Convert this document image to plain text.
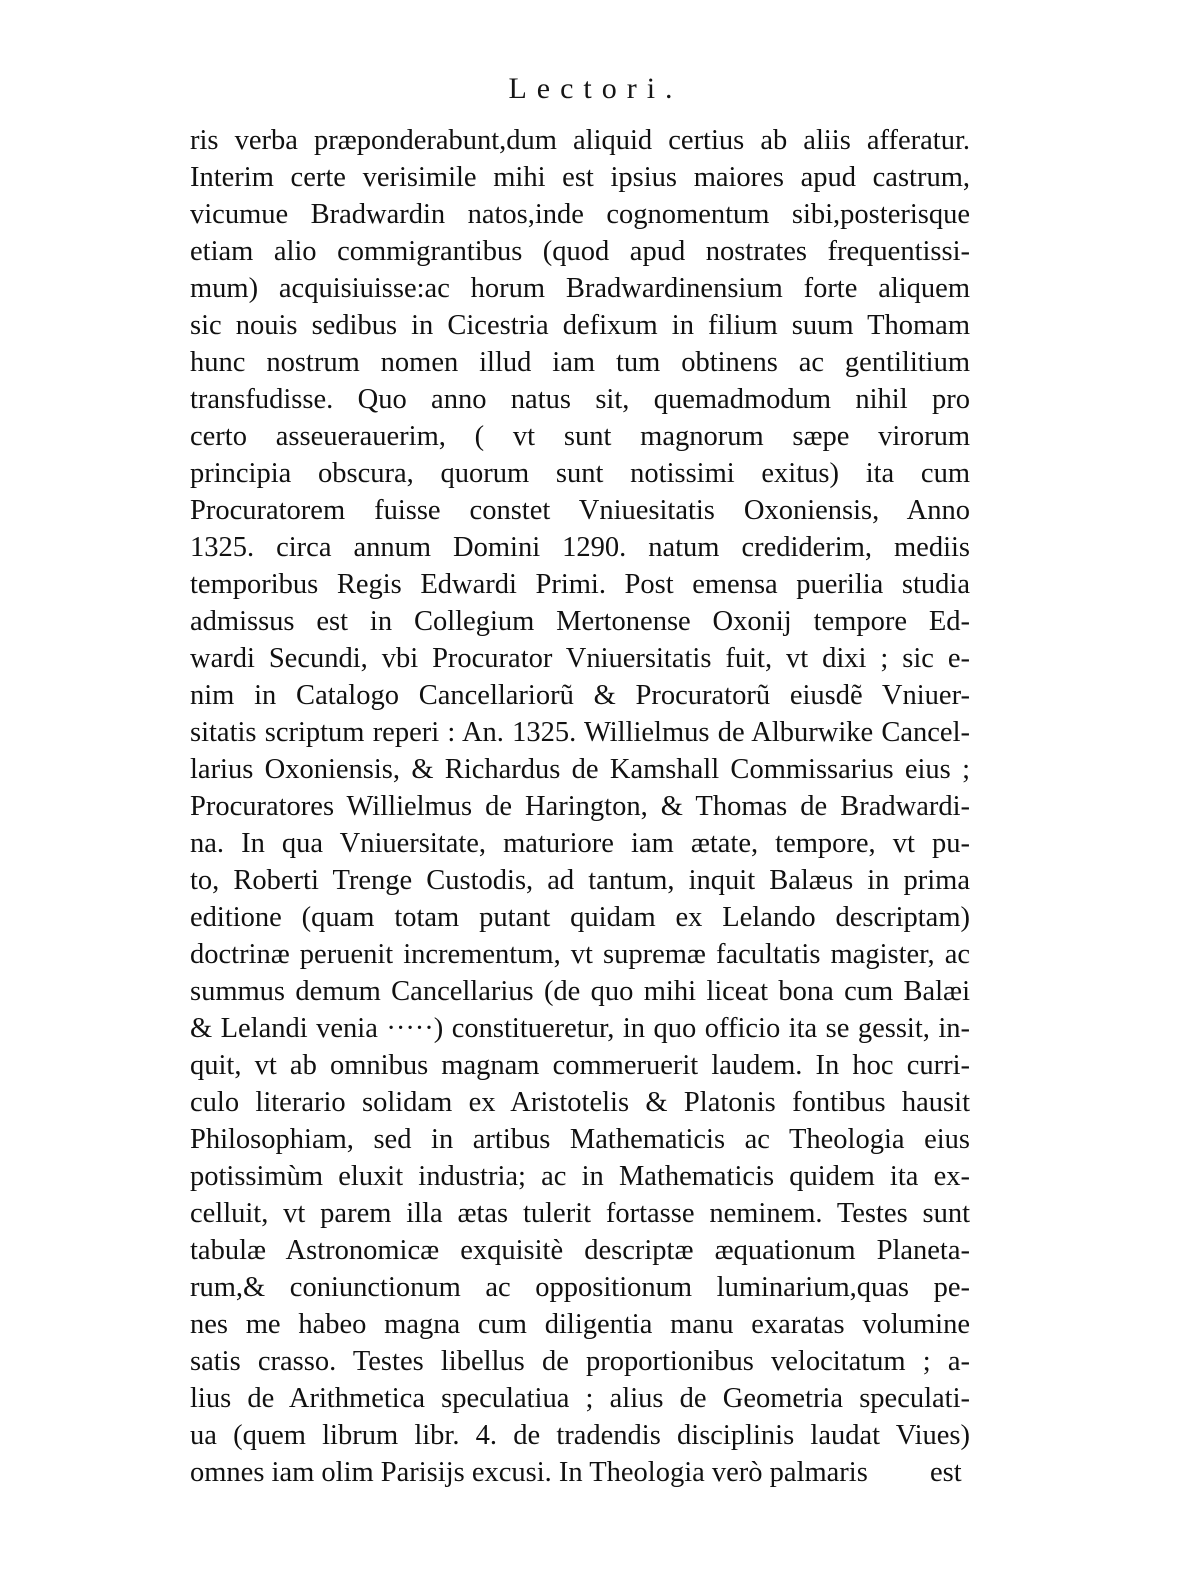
Lectori.
ris verba præponderabunt,dum aliquid certius ab aliis afferatur.
Interim certe verisimile mihi est ipsius maiores apud castrum,
vicumue Bradwardin natos,inde cognomentum sibi,posterisque
etiam alio commigrantibus (quod apud nostrates frequentissi-
mum) acquisiuisse:ac horum Bradwardinensium forte aliquem
sic nouis sedibus in Cicestria defixum in filium suum Thomam
hunc nostrum nomen illud iam tum obtinens ac gentilitium
transfudisse. Quo anno natus sit, quemadmodum nihil pro
certo asseuerauerim, ( vt sunt magnorum sæpe virorum
principia obscura, quorum sunt notissimi exitus) ita cum
Procuratorem fuisse constet Vniuesitatis Oxoniensis, Anno
1325. circa annum Domini 1290. natum crediderim, mediis
temporibus Regis Edwardi Primi. Post emensa puerilia studia
admissus est in Collegium Mertonense Oxonij tempore Ed-
wardi Secundi, vbi Procurator Vniuersitatis fuit, vt dixi ; sic e-
nim in Catalogo Cancellariorũ & Procuratorũ eiusdẽ Vniuer-
sitatis scriptum reperi : An. 1325. Willielmus de Alburwike Cancel-
larius Oxoniensis, & Richardus de Kamshall Commissarius eius ;
Procuratores Willielmus de Harington, & Thomas de Bradwardi-
na. In qua Vniuersitate, maturiore iam ætate, tempore, vt pu-
to, Roberti Trenge Custodis, ad tantum, inquit Balæus in prima
editione (quam totam putant quidam ex Lelando descriptam)
doctrinæ peruenit incrementum, vt supremæ facultatis magister, ac
summus demum Cancellarius (de quo mihi liceat bona cum Balæi
& Lelandi venia ·····) constitueretur, in quo officio ita se gessit, in-
quit, vt ab omnibus magnam commeruerit laudem. In hoc curri-
culo literario solidam ex Aristotelis & Platonis fontibus hausit
Philosophiam, sed in artibus Mathematicis ac Theologia eius
potissimùm eluxit industria; ac in Mathematicis quidem ita ex-
celluit, vt parem illa ætas tulerit fortasse neminem. Testes sunt
tabulæ Astronomicæ exquisitè descriptæ æquationum Planeta-
rum,& coniunctionum ac oppositionum luminarium,quas pe-
nes me habeo magna cum diligentia manu exaratas volumine
satis crasso. Testes libellus de proportionibus velocitatum ; a-
lius de Arithmetica speculatiua ; alius de Geometria speculati-
ua (quem librum libr. 4. de tradendis disciplinis laudat Viues)
omnes iam olim Parisijs excusi. In Theologia verò palmaris	est
